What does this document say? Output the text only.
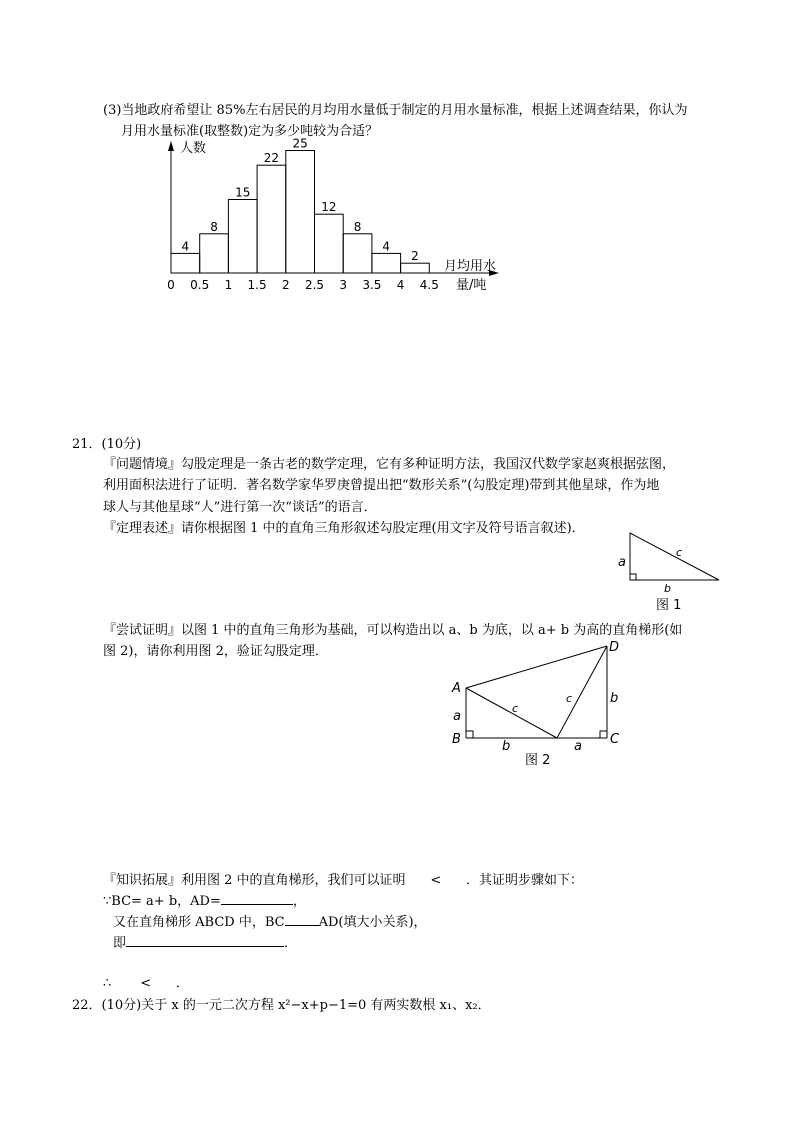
(3)当地政府希望让 85%左右居民的月均用水量低于制定的月用水量标准，根据上述调查结果，你认为
月用水量标准(取整数)定为多少吨较为合适？
4
8
15
22
25
12
8
4
2
0 0.5 1 1.5 2 2.5 3 3.5 4 4.5
人数
月均用水
量/吨
21．(10分)
『问题情境』勾股定理是一条古老的数学定理，它有多种证明方法，我国汉代数学家赵爽根据弦图，
利用面积法进行了证明．著名数学家华罗庚曾提出把“数形关系”(勾股定理)带到其他星球，作为地
球人与其他星球“人”进行第一次“谈话”的语言．
『定理表述』请你根据图 1 中的直角三角形叙述勾股定理(用文字及符号语言叙述)．
a
c
b
图 1
『尝试证明』以图 1 中的直角三角形为基础，可以构造出以 a、b 为底，以 a+ b 为高的直角梯形(如
图 2)，请你利用图 2，验证勾股定理．
A
B	C
D
a
c
c	b
b	a
图 2
『知识拓展』利用图 2 中的直角梯形，我们可以证明      <      ．其证明步骤如下：
∵BC= a+ b，AD=	，
又在直角梯形 ABCD 中，BC	AD(填大小关系)，
即	．
∴       <      ．
22．(10分)关于 x 的一元二次方程 x²−x+p−1=0 有两实数根 x₁、x₂．
